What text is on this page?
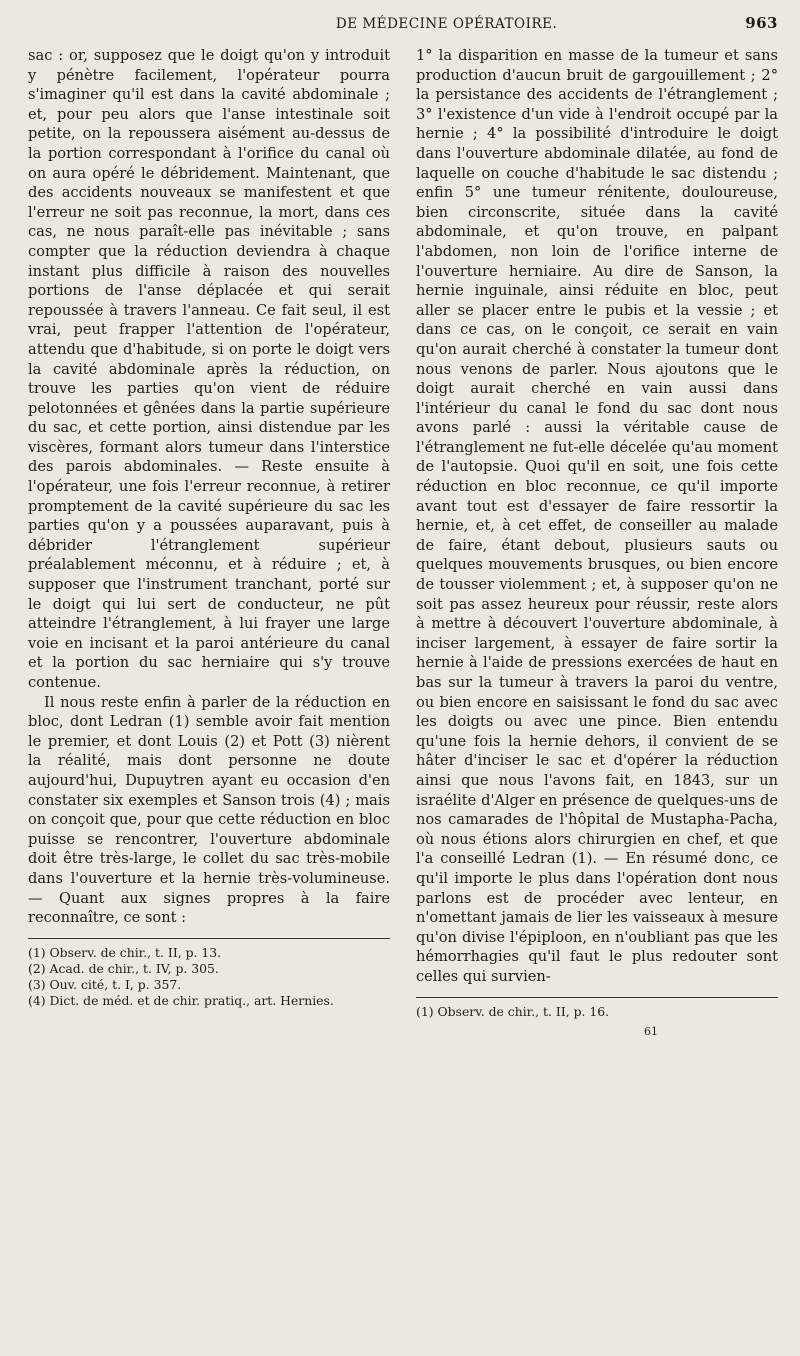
DE MÉDECINE OPÉRATOIRE.	963

sac : or, supposez que le doigt qu'on y introduit y pénètre facilement, l'opérateur pourra s'imaginer qu'il est dans la cavité abdominale ; et, pour peu alors que l'anse intestinale soit petite, on la repoussera aisément au-dessus de la portion correspondant à l'orifice du canal où on aura opéré le débridement. Maintenant, que des accidents nouveaux se manifestent et que l'erreur ne soit pas reconnue, la mort, dans ces cas, ne nous paraît-elle pas inévitable ; sans compter que la réduction deviendra à chaque instant plus difficile à raison des nouvelles portions de l'anse déplacée et qui serait repoussée à travers l'anneau. Ce fait seul, il est vrai, peut frapper l'attention de l'opérateur, attendu que d'habitude, si on porte le doigt vers la cavité abdominale après la réduction, on trouve les parties qu'on vient de réduire pelotonnées et gênées dans la partie supérieure du sac, et cette portion, ainsi distendue par les viscères, formant alors tumeur dans l'interstice des parois abdominales. — Reste ensuite à l'opérateur, une fois l'erreur reconnue, à retirer promptement de la cavité supérieure du sac les parties qu'on y a poussées auparavant, puis à débrider l'étranglement supérieur préalablement méconnu, et à réduire ; et, à supposer que l'instrument tranchant, porté sur le doigt qui lui sert de conducteur, ne pût atteindre l'étranglement, à lui frayer une large voie en incisant et la paroi antérieure du canal et la portion du sac herniaire qui s'y trouve contenue.

Il nous reste enfin à parler de la réduction en bloc, dont Ledran (1) semble avoir fait mention le premier, et dont Louis (2) et Pott (3) nièrent la réalité, mais dont personne ne doute aujourd'hui, Dupuytren ayant eu occasion d'en constater six exemples et Sanson trois (4) ; mais on conçoit que, pour que cette réduction en bloc puisse se rencontrer, l'ouverture abdominale doit être très-large, le collet du sac très-mobile dans l'ouverture et la hernie très-volumineuse. — Quant aux signes propres à la faire reconnaître, ce sont :

(1) Observ. de chir., t. II, p. 13.
(2) Acad. de chir., t. IV, p. 305.
(3) Ouv. cité, t. I, p. 357.
(4) Dict. de méd. et de chir. pratiq., art. Hernies.

1° la disparition en masse de la tumeur et sans production d'aucun bruit de gargouillement ; 2° la persistance des accidents de l'étranglement ; 3° l'existence d'un vide à l'endroit occupé par la hernie ; 4° la possibilité d'introduire le doigt dans l'ouverture abdominale dilatée, au fond de laquelle on couche d'habitude le sac distendu ; enfin 5° une tumeur rénitente, douloureuse, bien circonscrite, située dans la cavité abdominale, et qu'on trouve, en palpant l'abdomen, non loin de l'orifice interne de l'ouverture herniaire. Au dire de Sanson, la hernie inguinale, ainsi réduite en bloc, peut aller se placer entre le pubis et la vessie ; et dans ce cas, on le conçoit, ce serait en vain qu'on aurait cherché à constater la tumeur dont nous venons de parler. Nous ajoutons que le doigt aurait cherché en vain aussi dans l'intérieur du canal le fond du sac dont nous avons parlé : aussi la véritable cause de l'étranglement ne fut-elle décelée qu'au moment de l'autopsie. Quoi qu'il en soit, une fois cette réduction en bloc reconnue, ce qu'il importe avant tout est d'essayer de faire ressortir la hernie, et, à cet effet, de conseiller au malade de faire, étant debout, plusieurs sauts ou quelques mouvements brusques, ou bien encore de tousser violemment ; et, à supposer qu'on ne soit pas assez heureux pour réussir, reste alors à mettre à découvert l'ouverture abdominale, à inciser largement, à essayer de faire sortir la hernie à l'aide de pressions exercées de haut en bas sur la tumeur à travers la paroi du ventre, ou bien encore en saisissant le fond du sac avec les doigts ou avec une pince. Bien entendu qu'une fois la hernie dehors, il convient de se hâter d'inciser le sac et d'opérer la réduction ainsi que nous l'avons fait, en 1843, sur un israélite d'Alger en présence de quelques-uns de nos camarades de l'hôpital de Mustapha-Pacha, où nous étions alors chirurgien en chef, et que l'a conseillé Ledran (1). — En résumé donc, ce qu'il importe le plus dans l'opération dont nous parlons est de procéder avec lenteur, en n'omettant jamais de lier les vaisseaux à mesure qu'on divise l'épiploon, en n'oubliant pas que les hémorrhagies qu'il faut le plus redouter sont celles qui survien-

(1) Observ. de chir., t. II, p. 16.
61
